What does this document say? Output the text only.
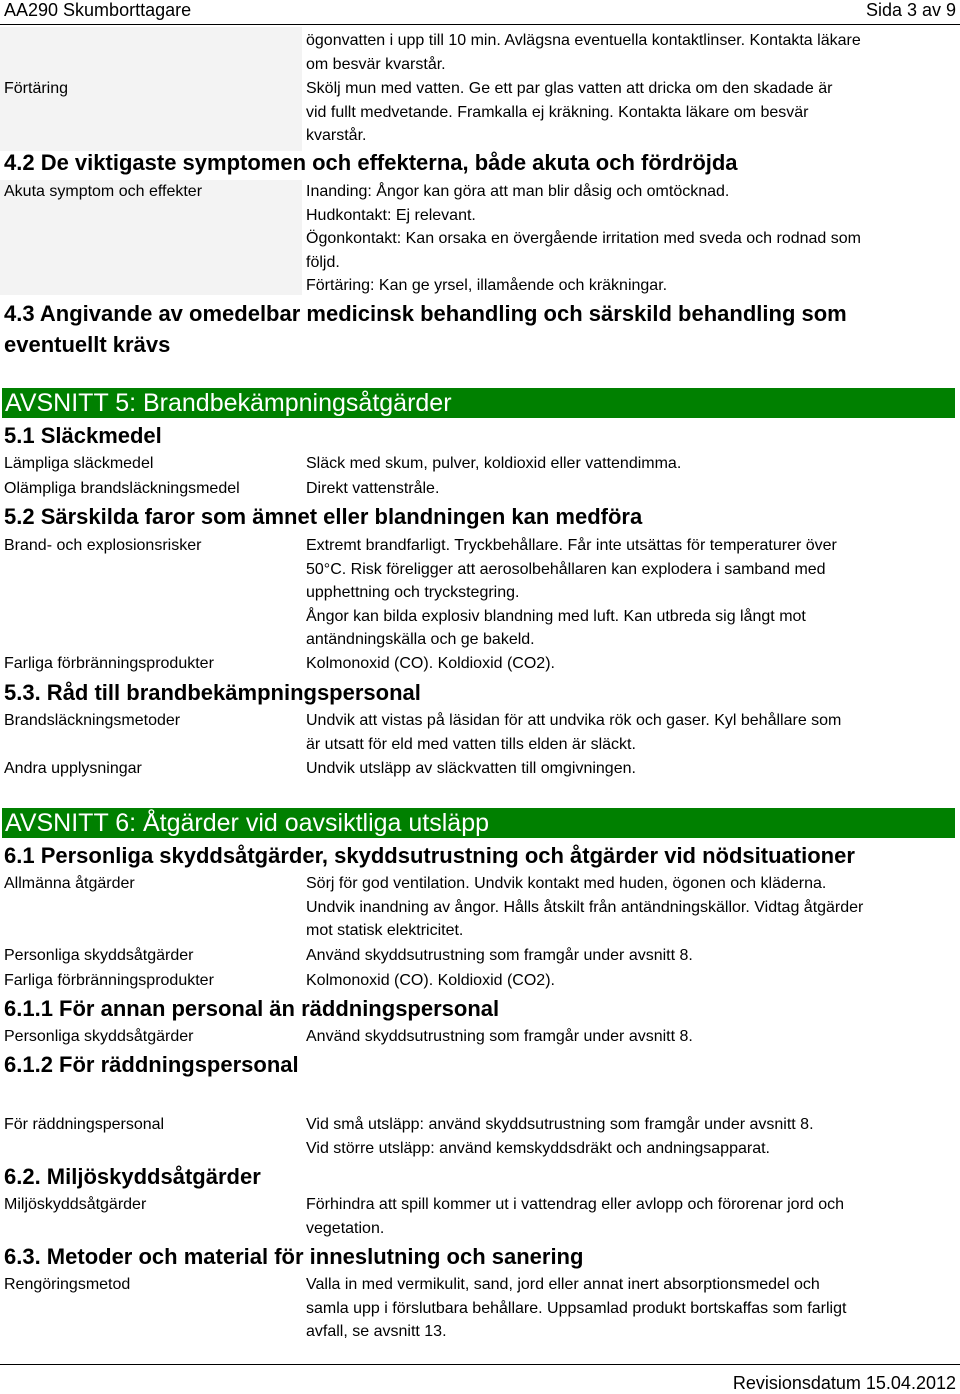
AA290 Skumborttagare	Sida 3 av 9
ögonvatten i upp till 10 min. Avlägsna eventuella kontaktlinser. Kontakta läkare
om besvär kvarstår.
Förtäring	Skölj mun med vatten. Ge ett par glas vatten att dricka om den skadade är
vid fullt medvetande. Framkalla ej kräkning. Kontakta läkare om besvär
kvarstår.
4.2 De viktigaste symptomen och effekterna, både akuta och fördröjda
Akuta symptom och effekter	Inanding: Ångor kan göra att man blir dåsig och omtöcknad.
Hudkontakt: Ej relevant.
Ögonkontakt: Kan orsaka en övergående irritation med sveda och rodnad som
följd.
Förtäring: Kan ge yrsel, illamående och kräkningar.
4.3 Angivande av omedelbar medicinsk behandling och särskild behandling som
eventuellt krävs
AVSNITT 5: Brandbekämpningsåtgärder
5.1 Släckmedel
Lämpliga släckmedel	Släck med skum, pulver, koldioxid eller vattendimma.
Olämpliga brandsläckningsmedel	Direkt vattenstråle.
5.2 Särskilda faror som ämnet eller blandningen kan medföra
Brand- och explosionsrisker	Extremt brandfarligt. Tryckbehållare. Får inte utsättas för temperaturer över
50°C. Risk föreligger att aerosolbehållaren kan explodera i samband med
upphettning och tryckstegring.
Ångor kan bilda explosiv blandning med luft. Kan utbreda sig långt mot
antändningskälla och ge bakeld.
Farliga förbränningsprodukter	Kolmonoxid (CO). Koldioxid (CO2).
5.3. Råd till brandbekämpningspersonal
Brandsläckningsmetoder	Undvik att vistas på läsidan för att undvika rök och gaser. Kyl behållare som
är utsatt för eld med vatten tills elden är släckt.
Andra upplysningar	Undvik utsläpp av släckvatten till omgivningen.
AVSNITT 6: Åtgärder vid oavsiktliga utsläpp
6.1 Personliga skyddsåtgärder, skyddsutrustning och åtgärder vid nödsituationer
Allmänna åtgärder	Sörj för god ventilation. Undvik kontakt med huden, ögonen och kläderna.
Undvik inandning av ångor. Hålls åtskilt från antändningskällor. Vidtag åtgärder
mot statisk elektricitet.
Personliga skyddsåtgärder	Använd skyddsutrustning som framgår under avsnitt 8.
Farliga förbränningsprodukter	Kolmonoxid (CO). Koldioxid (CO2).
6.1.1 För annan personal än räddningspersonal
Personliga skyddsåtgärder	Använd skyddsutrustning som framgår under avsnitt 8.
6.1.2 För räddningspersonal
För räddningspersonal	Vid små utsläpp: använd skyddsutrustning som framgår under avsnitt 8.
Vid större utsläpp: använd kemskyddsdräkt och andningsapparat.
6.2. Miljöskyddsåtgärder
Miljöskyddsåtgärder	Förhindra att spill kommer ut i vattendrag eller avlopp och förorenar jord och
vegetation.
6.3. Metoder och material för inneslutning och sanering
Rengöringsmetod	Valla in med vermikulit, sand, jord eller annat inert absorptionsmedel och
samla upp i förslutbara behållare. Uppsamlad produkt bortskaffas som farligt
avfall, se avsnitt 13.
Revisionsdatum 15.04.2012
